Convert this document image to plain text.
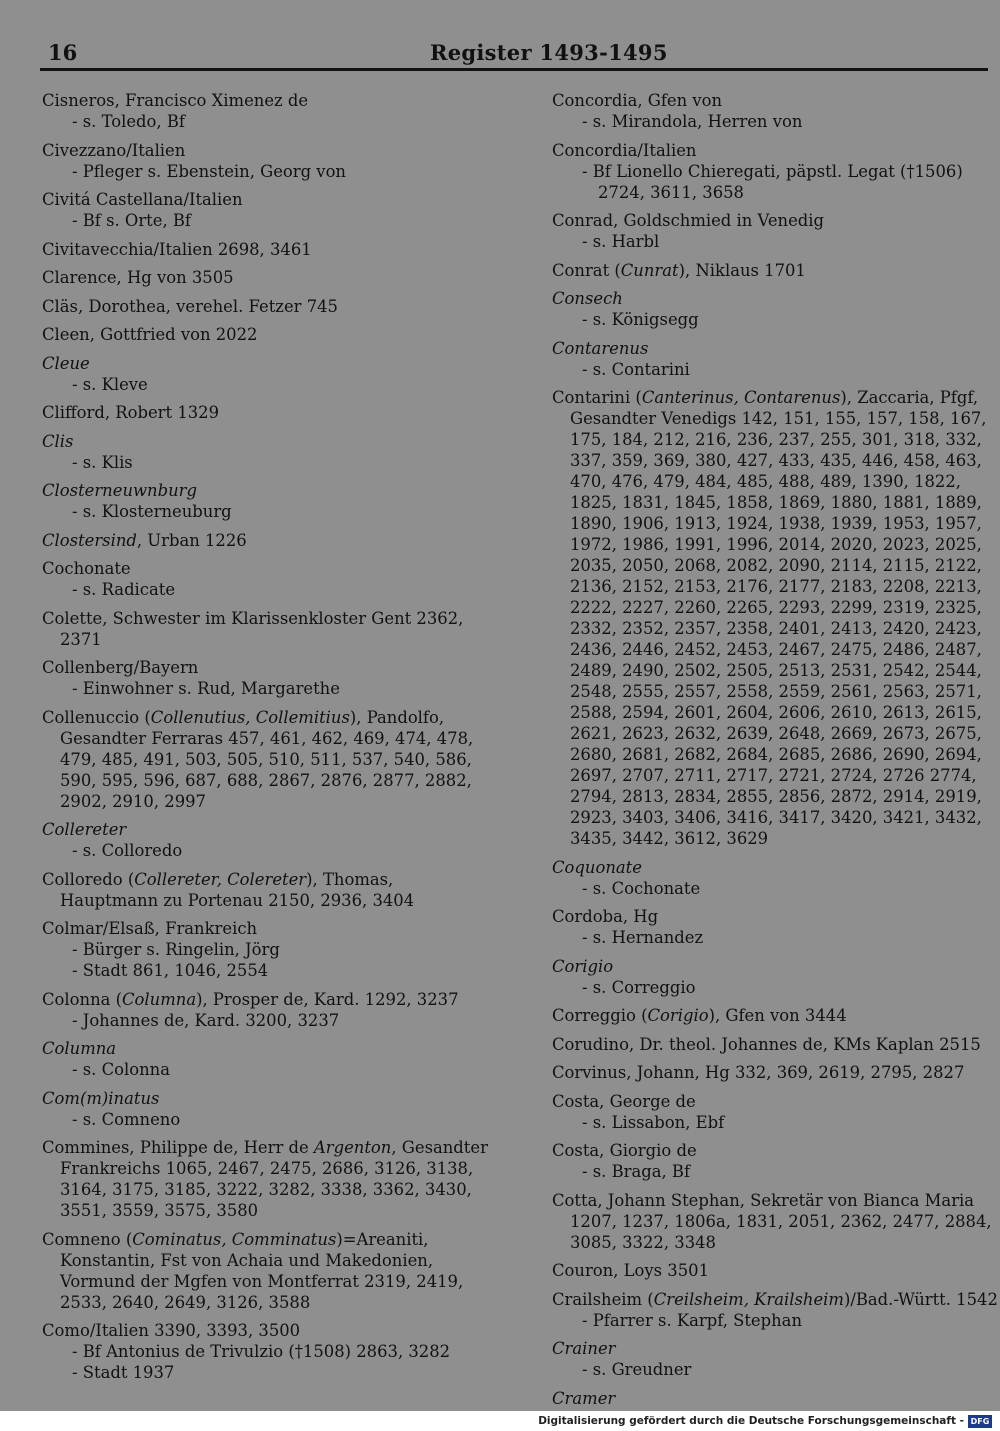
16	Register 1493-1495
Cisneros, Francisco Ximenez de
- s. Toledo, Bf
Civezzano/Italien
- Pfleger s. Ebenstein, Georg von
Civitá Castellana/Italien
- Bf s. Orte, Bf
Civitavecchia/Italien 2698, 3461
Clarence, Hg von 3505
Cläs, Dorothea, verehel. Fetzer 745
Cleen, Gottfried von 2022
Cleue
- s. Kleve
Clifford, Robert 1329
Clis
- s. Klis
Closterneuwnburg
- s. Klosterneuburg
Clostersind, Urban 1226
Cochonate
- s. Radicate
Colette, Schwester im Klarissenkloster Gent 2362, 2371
Collenberg/Bayern
- Einwohner s. Rud, Margarethe
Collenuccio (Collenutius, Collemitius), Pandolfo, Gesandter Ferraras 457, 461, 462, 469, 474, 478, 479, 485, 491, 503, 505, 510, 511, 537, 540, 586, 590, 595, 596, 687, 688, 2867, 2876, 2877, 2882, 2902, 2910, 2997
Collereter
- s. Colloredo
Colloredo (Collereter, Colereter), Thomas, Hauptmann zu Portenau 2150, 2936, 3404
Colmar/Elsaß, Frankreich
- Bürger s. Ringelin, Jörg
- Stadt 861, 1046, 2554
Colonna (Columna), Prosper de, Kard. 1292, 3237
- Johannes de, Kard. 3200, 3237
Columna
- s. Colonna
Com(m)inatus
- s. Comneno
Commines, Philippe de, Herr de Argenton, Gesandter Frankreichs 1065, 2467, 2475, 2686, 3126, 3138, 3164, 3175, 3185, 3222, 3282, 3338, 3362, 3430, 3551, 3559, 3575, 3580
Comneno (Cominatus, Comminatus)=Areaniti, Konstantin, Fst von Achaia und Makedonien, Vormund der Mgfen von Montferrat 2319, 2419, 2533, 2640, 2649, 3126, 3588
Como/Italien 3390, 3393, 3500
- Bf Antonius de Trivulzio (†1508) 2863, 3282
- Stadt 1937
Concordia, Gfen von
- s. Mirandola, Herren von
Concordia/Italien
- Bf Lionello Chieregati, päpstl. Legat (†1506) 2724, 3611, 3658
Conrad, Goldschmied in Venedig
- s. Harbl
Conrat (Cunrat), Niklaus 1701
Consech
- s. Königsegg
Contarenus
- s. Contarini
Contarini (Canterinus, Contarenus), Zaccaria, Pfgf, Gesandter Venedigs 142, 151, 155, 157, 158, 167, 175, 184, 212, 216, 236, 237, 255, 301, 318, 332, 337, 359, 369, 380, 427, 433, 435, 446, 458, 463, 470, 476, 479, 484, 485, 488, 489, 1390, 1822, 1825, 1831, 1845, 1858, 1869, 1880, 1881, 1889, 1890, 1906, 1913, 1924, 1938, 1939, 1953, 1957, 1972, 1986, 1991, 1996, 2014, 2020, 2023, 2025, 2035, 2050, 2068, 2082, 2090, 2114, 2115, 2122, 2136, 2152, 2153, 2176, 2177, 2183, 2208, 2213, 2222, 2227, 2260, 2265, 2293, 2299, 2319, 2325, 2332, 2352, 2357, 2358, 2401, 2413, 2420, 2423, 2436, 2446, 2452, 2453, 2467, 2475, 2486, 2487, 2489, 2490, 2502, 2505, 2513, 2531, 2542, 2544, 2548, 2555, 2557, 2558, 2559, 2561, 2563, 2571, 2588, 2594, 2601, 2604, 2606, 2610, 2613, 2615, 2621, 2623, 2632, 2639, 2648, 2669, 2673, 2675, 2680, 2681, 2682, 2684, 2685, 2686, 2690, 2694, 2697, 2707, 2711, 2717, 2721, 2724, 2726 2774, 2794, 2813, 2834, 2855, 2856, 2872, 2914, 2919, 2923, 3403, 3406, 3416, 3417, 3420, 3421, 3432, 3435, 3442, 3612, 3629
Coquonate
- s. Cochonate
Cordoba, Hg
- s. Hernandez
Corigio
- s. Correggio
Correggio (Corigio), Gfen von 3444
Corudino, Dr. theol. Johannes de, KMs Kaplan 2515
Corvinus, Johann, Hg 332, 369, 2619, 2795, 2827
Costa, George de
- s. Lissabon, Ebf
Costa, Giorgio de
- s. Braga, Bf
Cotta, Johann Stephan, Sekretär von Bianca Maria 1207, 1237, 1806a, 1831, 2051, 2362, 2477, 2884, 3085, 3322, 3348
Couron, Loys 3501
Crailsheim (Creilsheim, Krailsheim)/Bad.-Württ. 1542
- Pfarrer s. Karpf, Stephan
Crainer
- s. Greudner
Cramer
Digitalisierung gefördert durch die Deutsche Forschungsgemeinschaft - DFG
